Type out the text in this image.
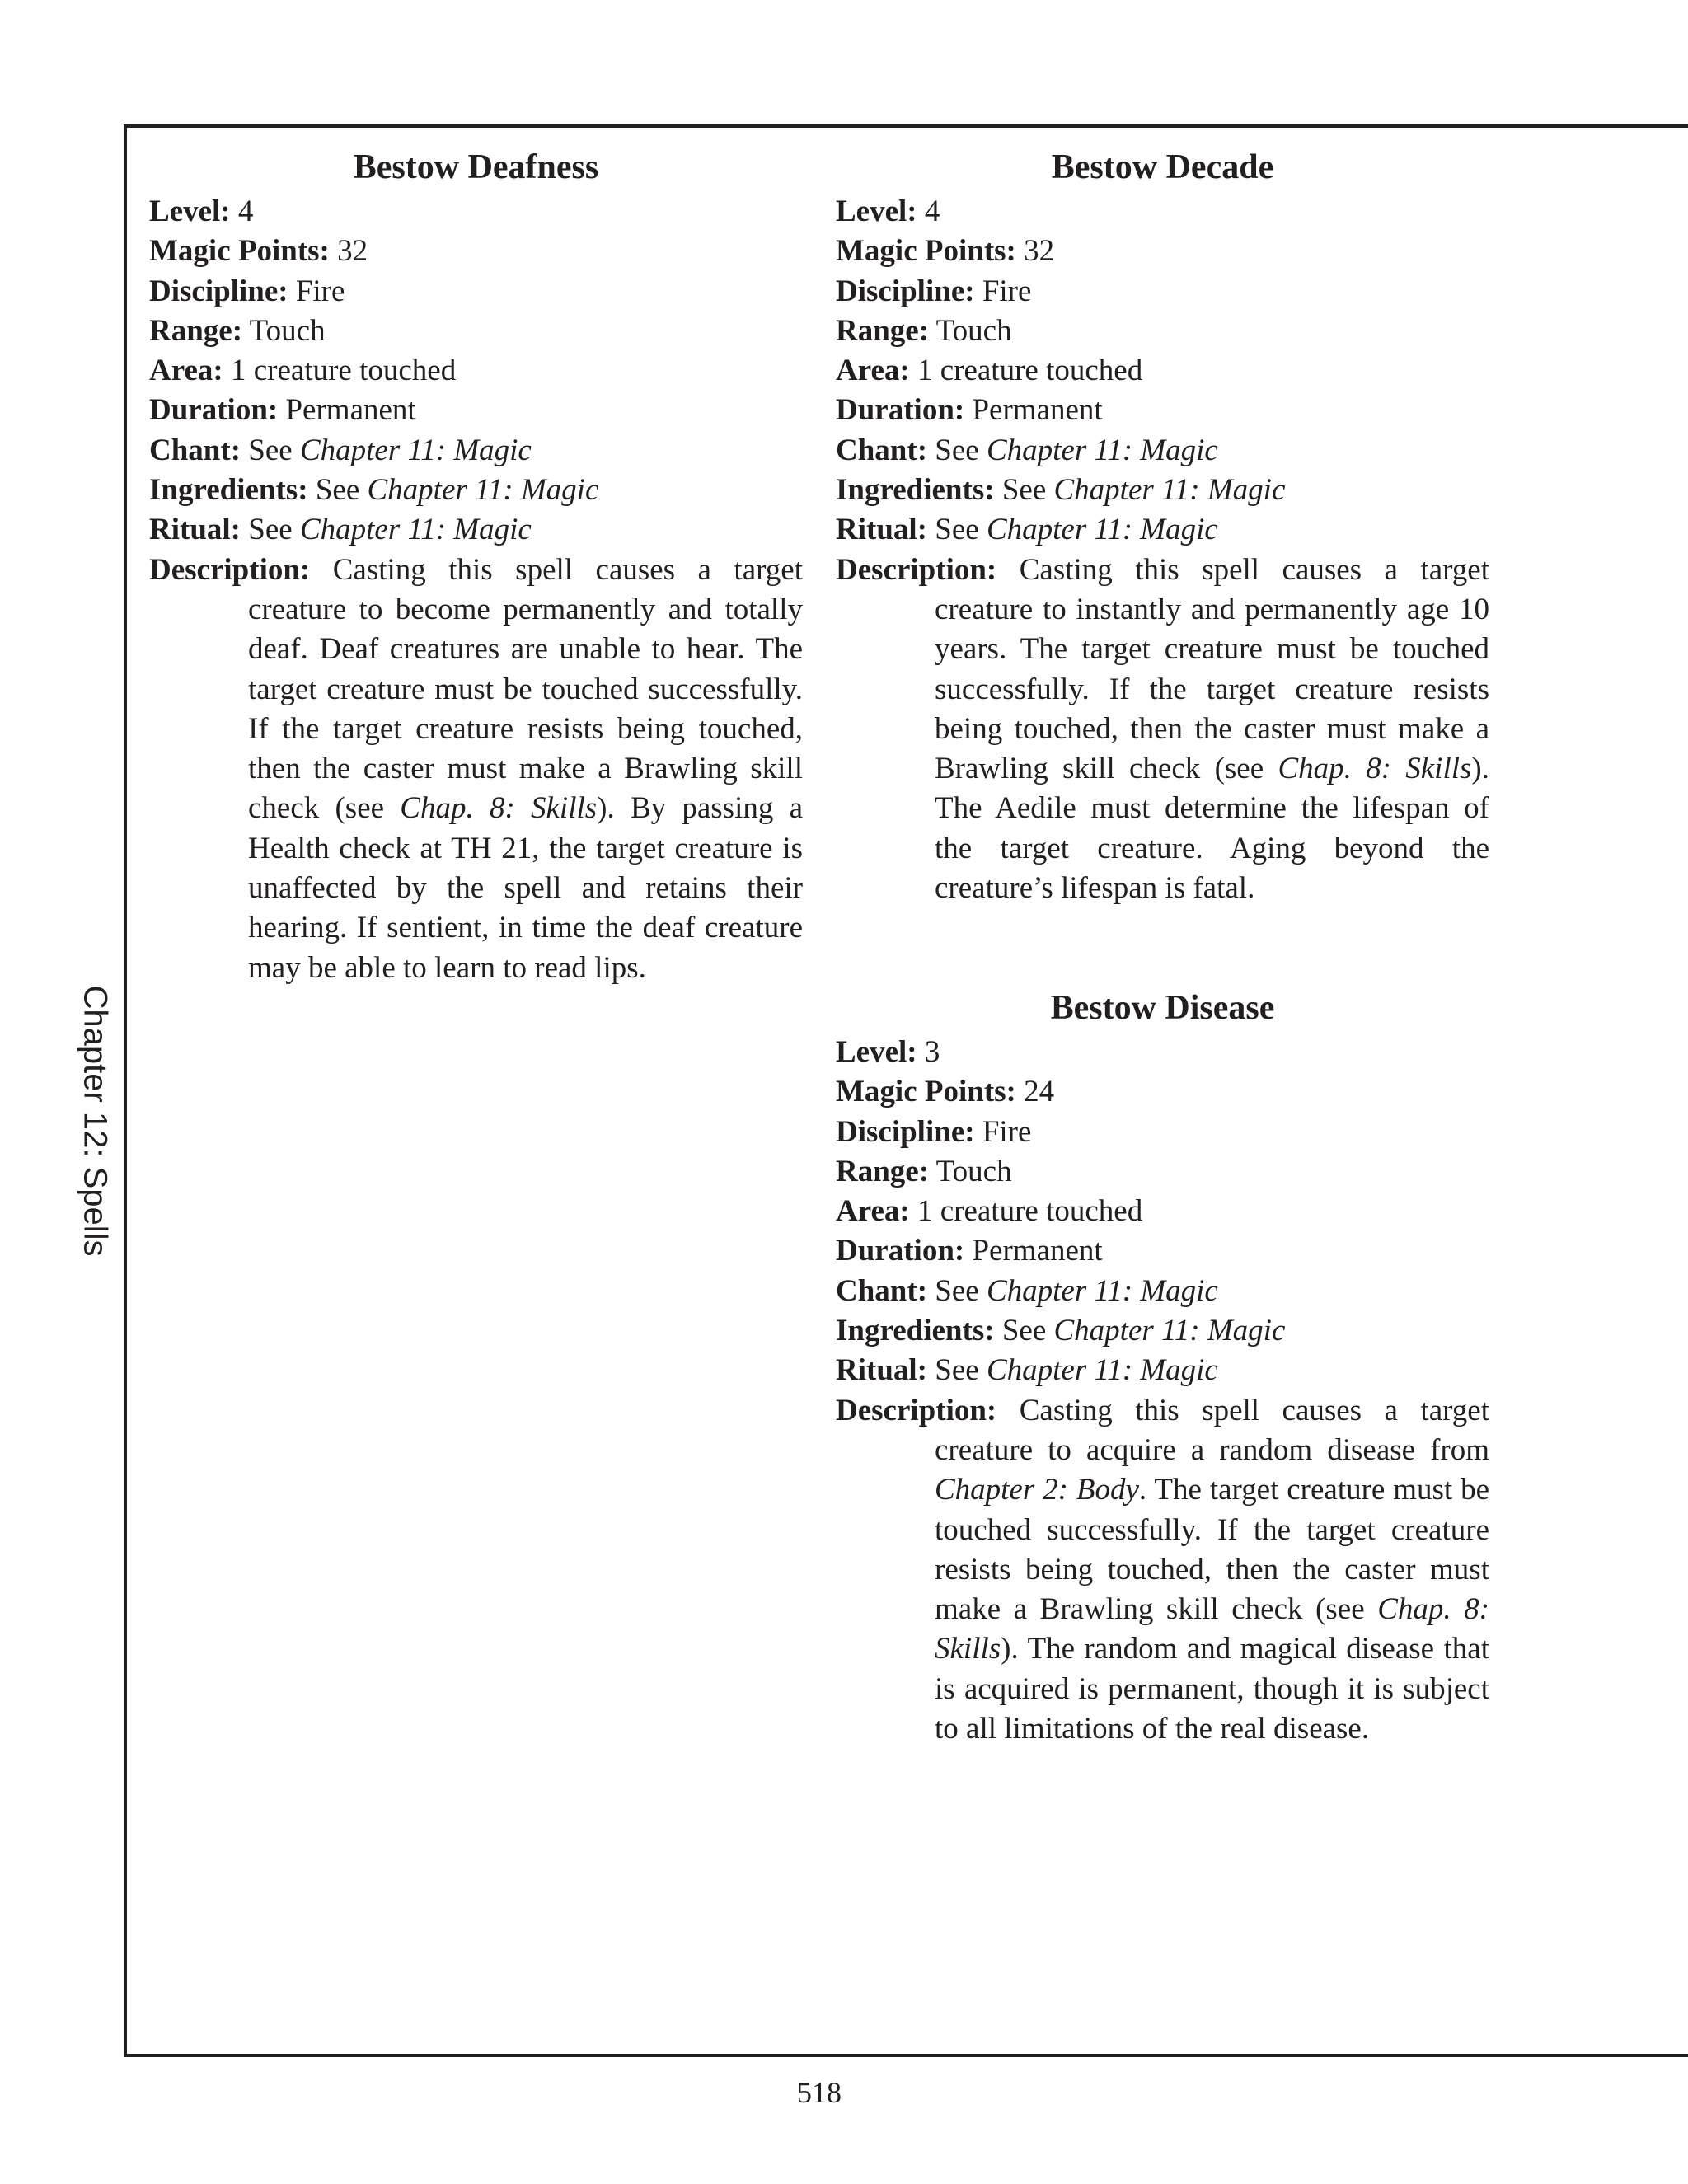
Chapter 12: Spells
Bestow Deafness
Level: 4
Magic Points: 32
Discipline: Fire
Range: Touch
Area: 1 creature touched
Duration: Permanent
Chant: See Chapter 11: Magic
Ingredients: See Chapter 11: Magic
Ritual: See Chapter 11: Magic
Description: Casting this spell causes a target creature to become permanently and totally deaf. Deaf creatures are unable to hear. The target creature must be touched successfully. If the target creature resists being touched, then the caster must make a Brawling skill check (see Chap. 8: Skills). By passing a Health check at TH 21, the target creature is unaffected by the spell and retains their hearing. If sentient, in time the deaf creature may be able to learn to read lips.
Bestow Decade
Level: 4
Magic Points: 32
Discipline: Fire
Range: Touch
Area: 1 creature touched
Duration: Permanent
Chant: See Chapter 11: Magic
Ingredients: See Chapter 11: Magic
Ritual: See Chapter 11: Magic
Description: Casting this spell causes a target creature to instantly and permanently age 10 years. The target creature must be touched successfully. If the target creature resists being touched, then the caster must make a Brawling skill check (see Chap. 8: Skills). The Aedile must determine the lifespan of the target creature. Aging beyond the creature’s lifespan is fatal.
Bestow Disease
Level: 3
Magic Points: 24
Discipline: Fire
Range: Touch
Area: 1 creature touched
Duration: Permanent
Chant: See Chapter 11: Magic
Ingredients: See Chapter 11: Magic
Ritual: See Chapter 11: Magic
Description: Casting this spell causes a target creature to acquire a random disease from Chapter 2: Body. The target creature must be touched successfully. If the target creature resists being touched, then the caster must make a Brawling skill check (see Chap. 8: Skills). The random and magical disease that is acquired is permanent, though it is subject to all limitations of the real disease.
518
